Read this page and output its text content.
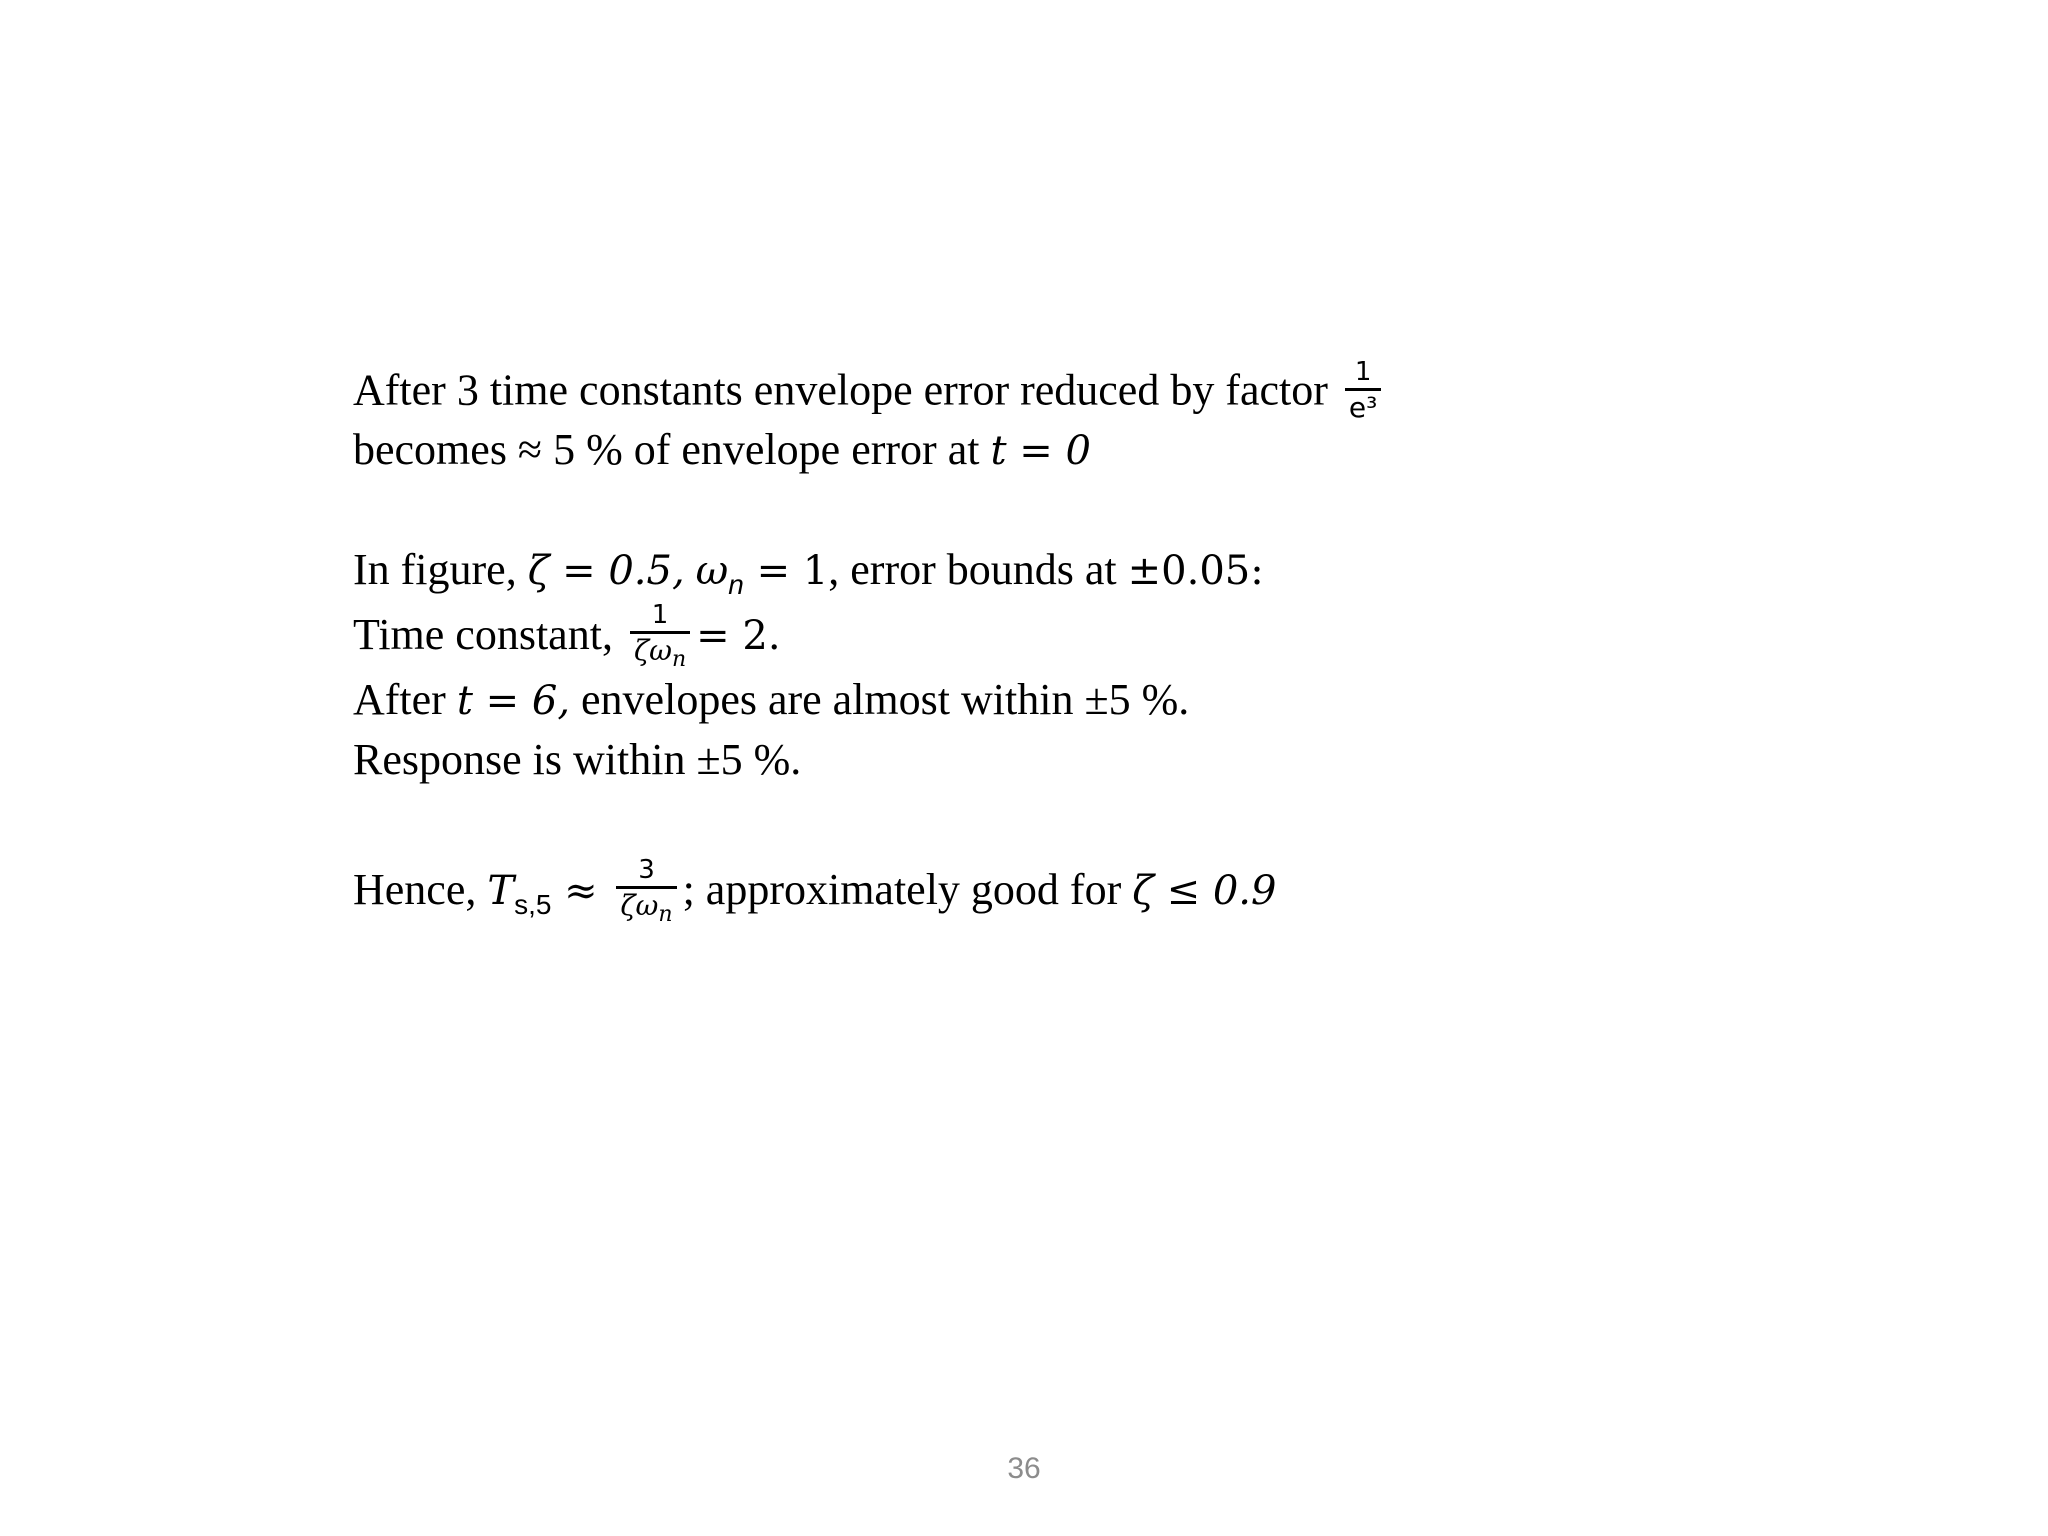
After 3 time constants envelope error reduced by factor $\frac{1}{\text{e³}}$
becomes ≈ 5 % of envelope error at t = 0
In figure, ζ = 0.5, $\omega_n = 1$, error bounds at ±0.05:
Time constant, $\frac{1}{\zeta\omega_n} = 2$.
After t = 6, envelopes are almost within ±5 %.
Response is within ±5 %.
Hence, $T_{s,5} \approx \frac{3}{\zeta\omega_n}$ ; approximately good for ζ ≤ 0.9
36
